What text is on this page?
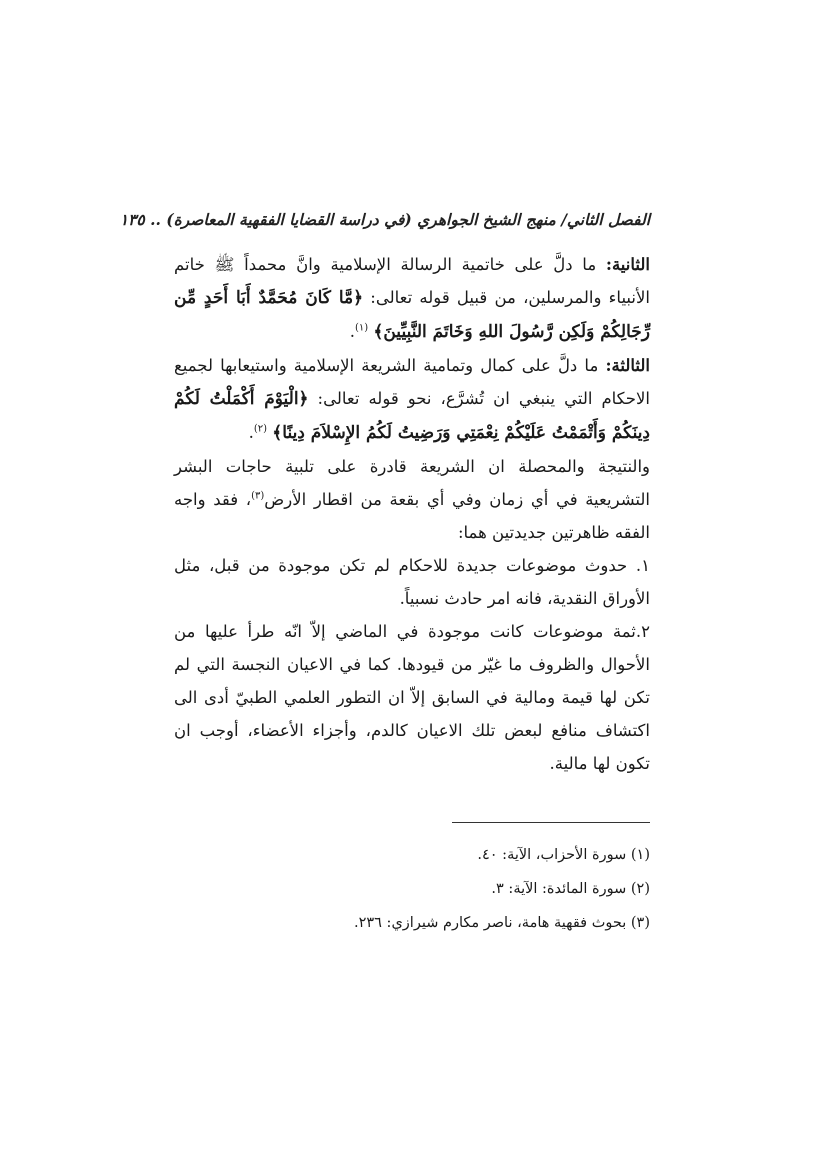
الفصل الثاني/ منهج الشيخ الجواهري (في دراسة القضايا الفقهية المعاصرة) .. ١٣٥

الثانية: ما دلَّ على خاتمية الرسالة الإسلامية وانَّ محمداً ﷺ خاتم الأنبياء والمرسلين، من قبيل قوله تعالى: ﴿مَّا كَانَ مُحَمَّدٌ أَبَا أَحَدٍ مِّن رِّجَالِكُمْ وَلَكِن رَّسُولَ اللهِ وَخَاتَمَ النَّبِيِّينَ﴾ $^{(١)}$.

الثالثة: ما دلَّ على كمال وتمامية الشريعة الإسلامية واستيعابها لجميع الاحكام التي ينبغي ان تُشرَّع، نحو قوله تعالى: ﴿الْيَوْمَ أَكْمَلْتُ لَكُمْ دِينَكُمْ وَأَتْمَمْتُ عَلَيْكُمْ نِعْمَتِي وَرَضِيتُ لَكُمُ الإِسْلاَمَ دِينًا﴾ $^{(٢)}$.

والنتيجة والمحصلة ان الشريعة قادرة على تلبية حاجات البشر التشريعية في أي زمان وفي أي بقعة من اقطار الأرض$^{(٣)}$، فقد واجه الفقه ظاهرتين جديدتين هما:

١. حدوث موضوعات جديدة للاحكام لم تكن موجودة من قبل، مثل الأوراق النقدية، فانه امر حادث نسبياً.

٢.ثمة موضوعات كانت موجودة في الماضي إلاّ انّه طرأ عليها من الأحوال والظروف ما غيّر من قيودها. كما في الاعيان النجسة التي لم تكن لها قيمة ومالية في السابق إلاّ ان التطور العلمي الطبيّ أدى الى اكتشاف منافع لبعض تلك الاعيان كالدم، وأجزاء الأعضاء، أوجب ان تكون لها مالية.

(١) سورة الأحزاب، الآية: ٤٠.

(٢) سورة المائدة: الآية: ٣.

(٣) بحوث فقهية هامة، ناصر مكارم شيرازي: ٢٣٦.
